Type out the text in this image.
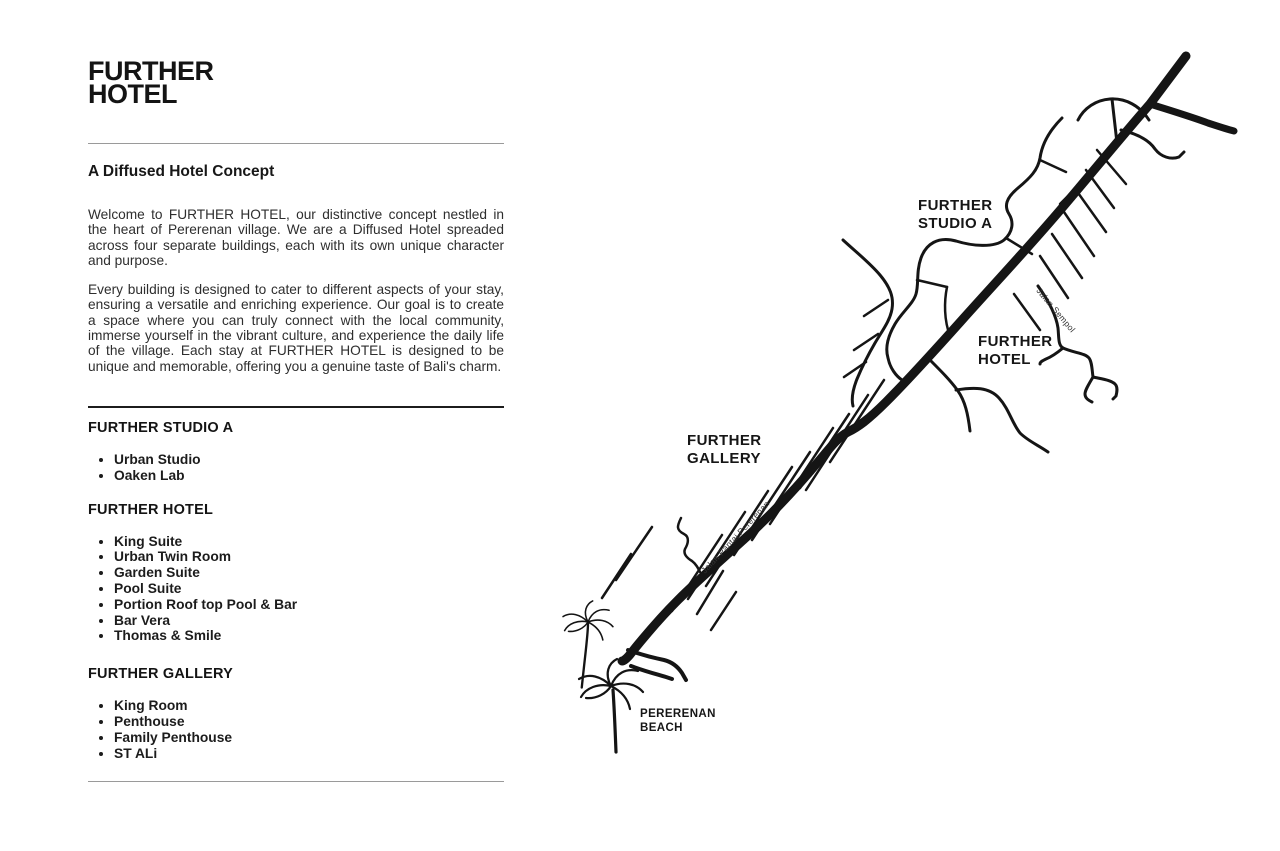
FURTHER
HOTEL
A Diffused Hotel Concept

Welcome to FURTHER HOTEL, our distinctive concept nestled in the heart of Pererenan village. We are a Diffused Hotel spreaded across four separate buildings, each with its own unique character and purpose.

Every building is designed to cater to different aspects of your stay, ensuring a versatile and enriching experience. Our goal is to create a space where you can truly connect with the local community, immerse yourself in the vibrant culture, and experience the daily life of the village. Each stay at FURTHER HOTEL is designed to be unique and memorable, offering you a genuine taste of Bali's charm.

FURTHER STUDIO A
• Urban Studio
• Oaken Lab
FURTHER HOTEL
• King Suite
• Urban Twin Room
• Garden Suite
• Pool Suite
• Portion Roof top Pool & Bar
• Bar Vera
• Thomas & Smile
FURTHER GALLERY
• King Room
• Penthouse
• Family Penthouse
• ST ALi
FURTHER
STUDIO A
FURTHER
HOTEL
FURTHER
GALLERY
PERERENAN
BEACH
Jalan Sempol
Jalan Pantai Pererenan
